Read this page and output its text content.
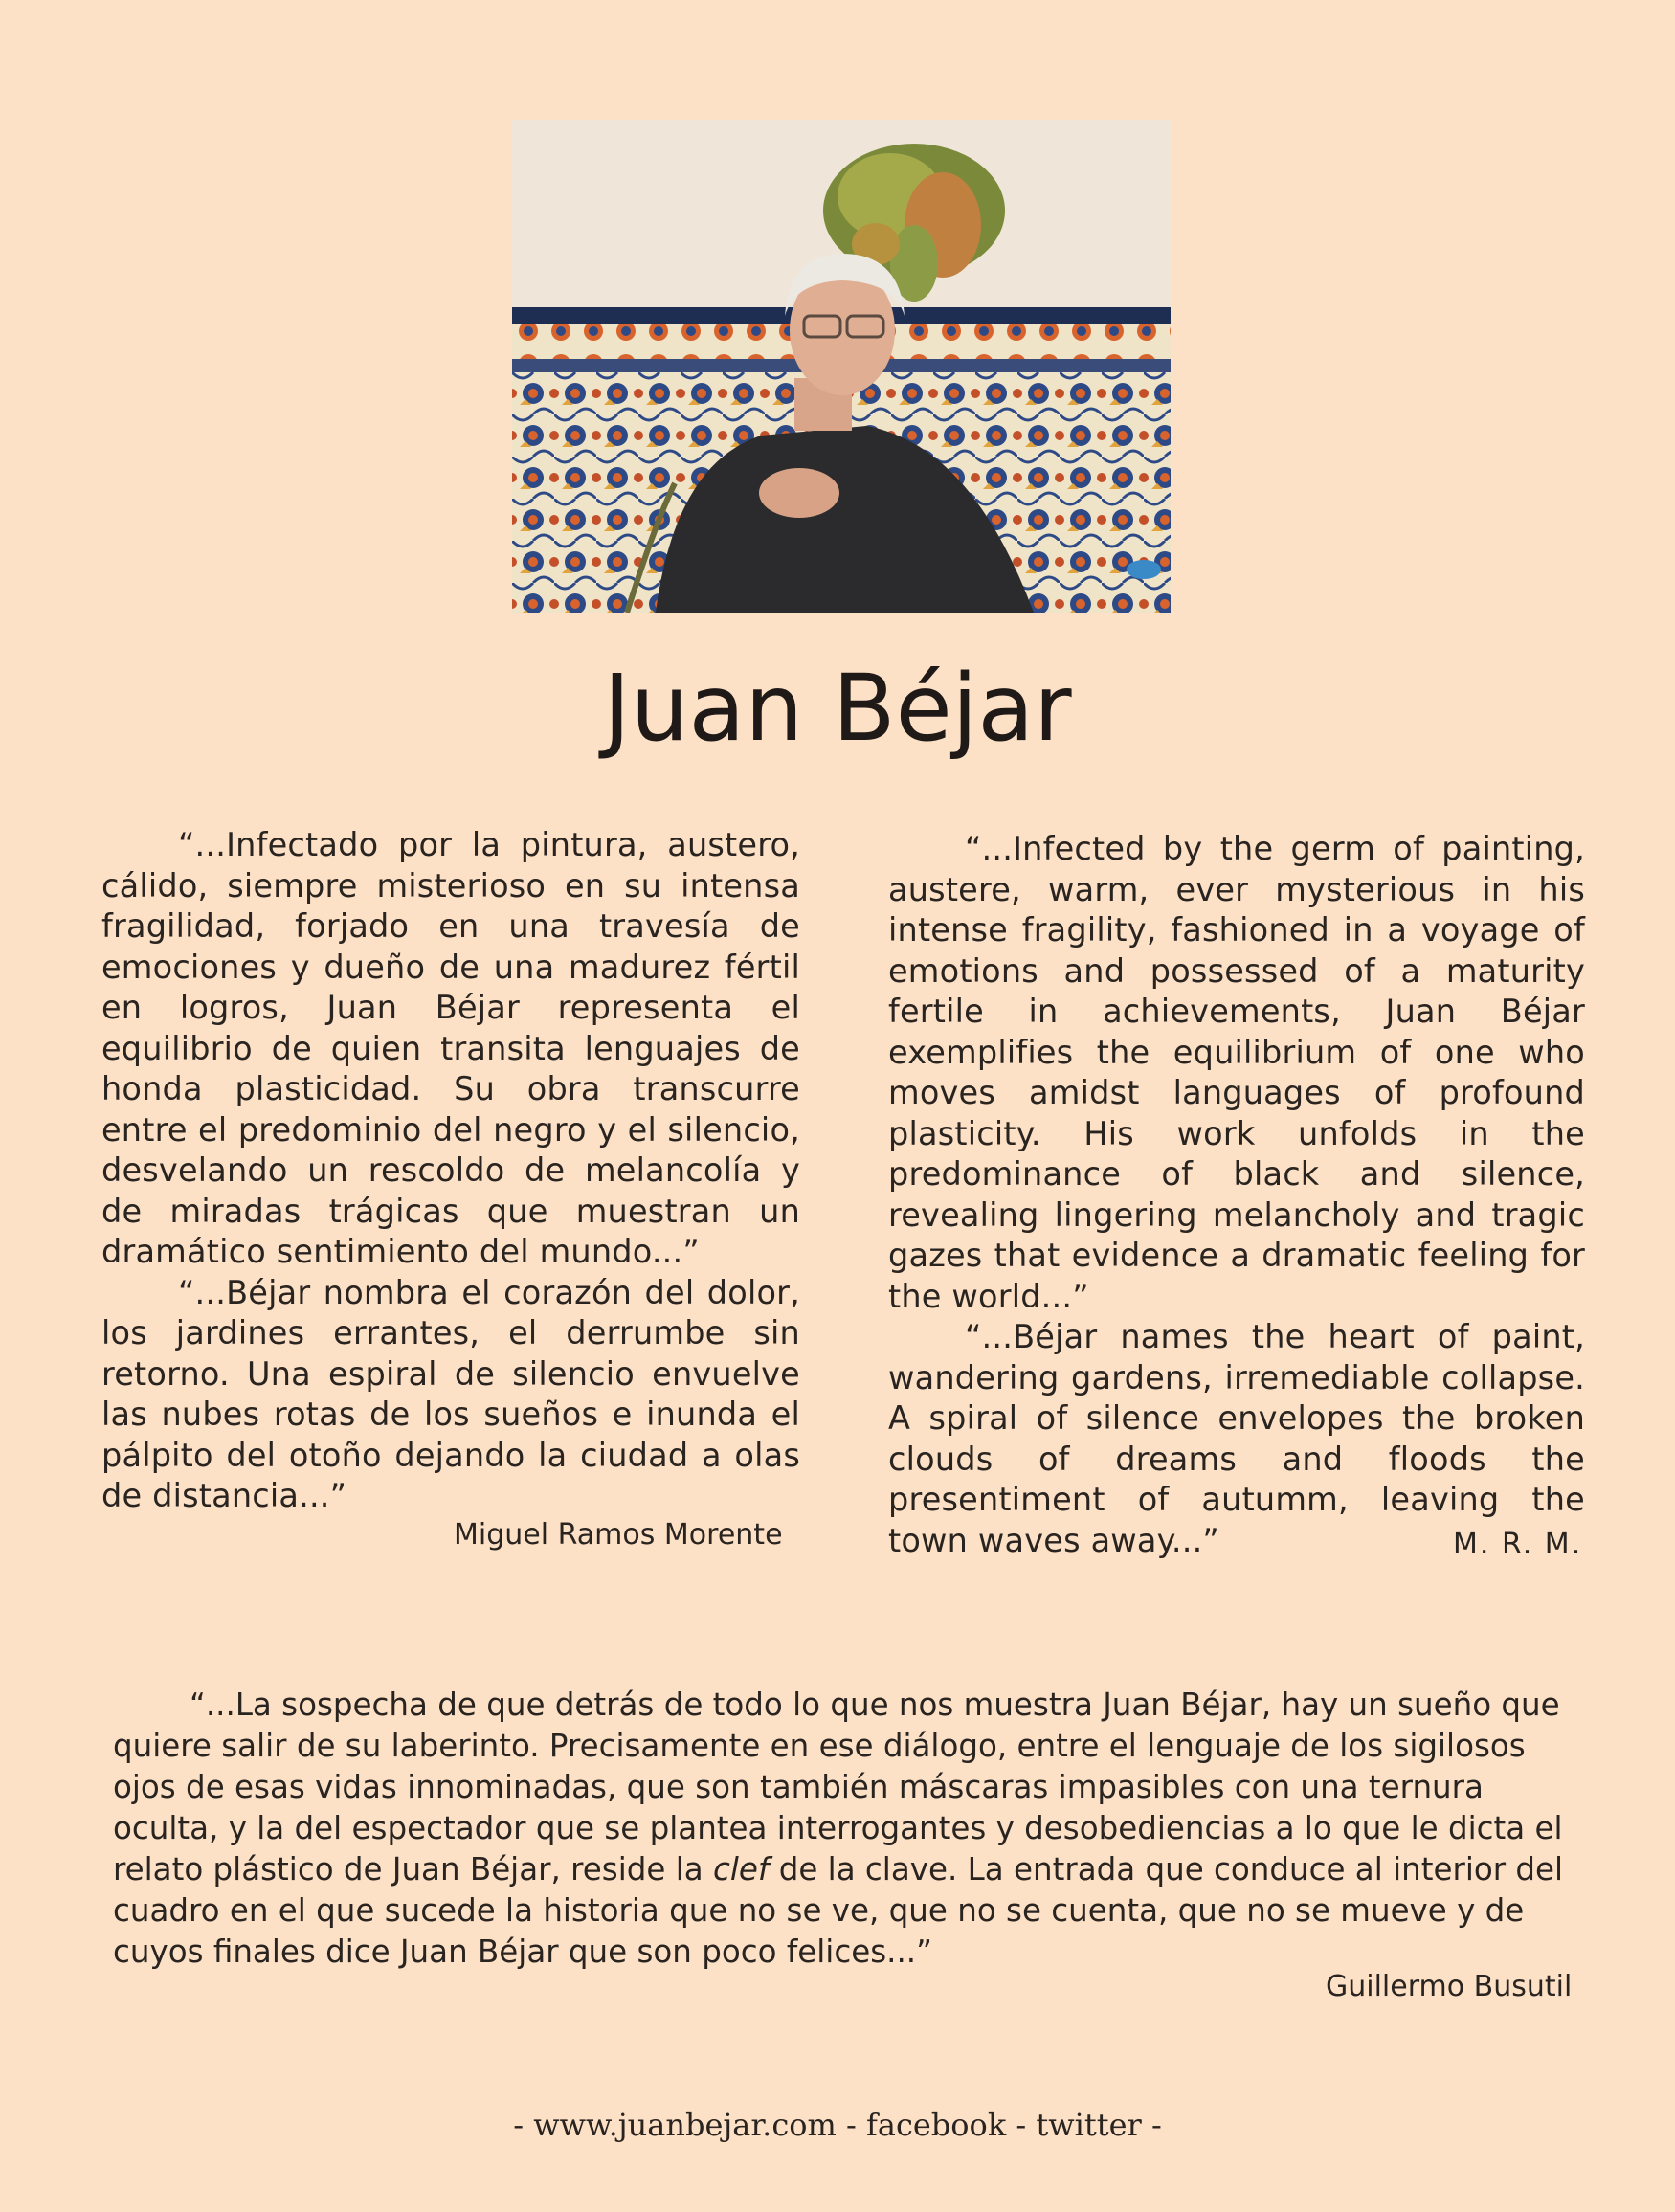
Juan Béjar

“...Infectado por la pintura, austero, cálido, siempre misterioso en su intensa fragilidad, forjado en una travesía de emociones y dueño de una madurez fértil en logros, Juan Béjar representa el equilibrio de quien transita lenguajes de honda plasticidad. Su obra transcurre entre el predominio del negro y el silencio, desvelando un rescoldo de melancolía y de miradas trágicas que muestran un dramático sentimiento del mundo...”

“...Béjar nombra el corazón del dolor, los jardines errantes, el derrumbe sin retorno. Una espiral de silencio envuelve las nubes rotas de los sueños e inunda el pálpito del otoño dejando la ciudad a olas de distancia...”

Miguel Ramos Morente

“...Infected by the germ of painting, austere, warm, ever mysterious in his intense fragility, fashioned in a voyage of emotions and possessed of a maturity fertile in achievements, Juan Béjar exemplifies the equilibrium of one who moves amidst languages of profound plasticity. His work unfolds in the predominance of black and silence, revealing lingering melancholy and tragic gazes that evidence a dramatic feeling for the world...”

“...Béjar names the heart of paint, wandering gardens, irremediable collapse. A spiral of silence envelopes the broken clouds of dreams and floods the presentiment of autumm, leaving the town waves away...”	M. R. M.

“...La sospecha de que detrás de todo lo que nos muestra Juan Béjar, hay un sueño que quiere salir de su laberinto. Precisamente en ese diálogo, entre el lenguaje de los sigilosos ojos de esas vidas innominadas, que son también máscaras impasibles con una ternura oculta, y la del espectador que se plantea interrogantes y desobediencias a lo que le dicta el relato plástico de Juan Béjar, reside la clef de la clave. La entrada que conduce al interior del cuadro en el que sucede la historia que no se ve, que no se cuenta, que no se mueve y de cuyos finales dice Juan Béjar que son poco felices...”

Guillermo Busutil
- www.juanbejar.com - facebook - twitter -
